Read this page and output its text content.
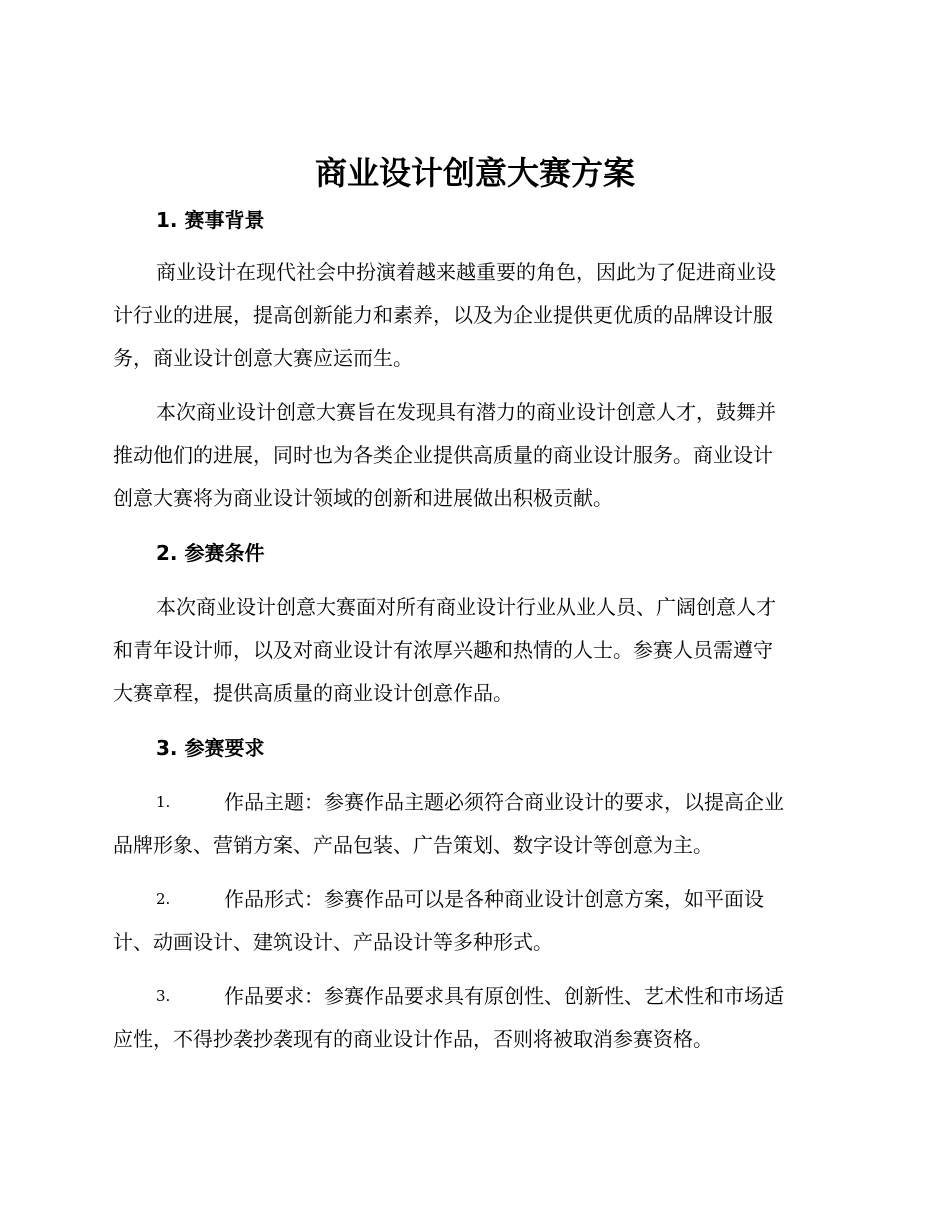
商业设计创意大赛方案
1. 赛事背景

商业设计在现代社会中扮演着越来越重要的角色，因此为了促进商业设
计行业的进展，提高创新能力和素养，以及为企业提供更优质的品牌设计服
务，商业设计创意大赛应运而生。

本次商业设计创意大赛旨在发现具有潜力的商业设计创意人才，鼓舞并
推动他们的进展，同时也为各类企业提供高质量的商业设计服务。商业设计
创意大赛将为商业设计领域的创新和进展做出积极贡献。

2. 参赛条件

本次商业设计创意大赛面对所有商业设计行业从业人员、广阔创意人才
和青年设计师，以及对商业设计有浓厚兴趣和热情的人士。参赛人员需遵守
大赛章程，提供高质量的商业设计创意作品。

3. 参赛要求
1.	作品主题：参赛作品主题必须符合商业设计的要求，以提高企业
品牌形象、营销方案、产品包装、广告策划、数字设计等创意为主。
2.	作品形式：参赛作品可以是各种商业设计创意方案，如平面设
计、动画设计、建筑设计、产品设计等多种形式。
3.	作品要求：参赛作品要求具有原创性、创新性、艺术性和市场适
应性，不得抄袭抄袭现有的商业设计作品，否则将被取消参赛资格。
